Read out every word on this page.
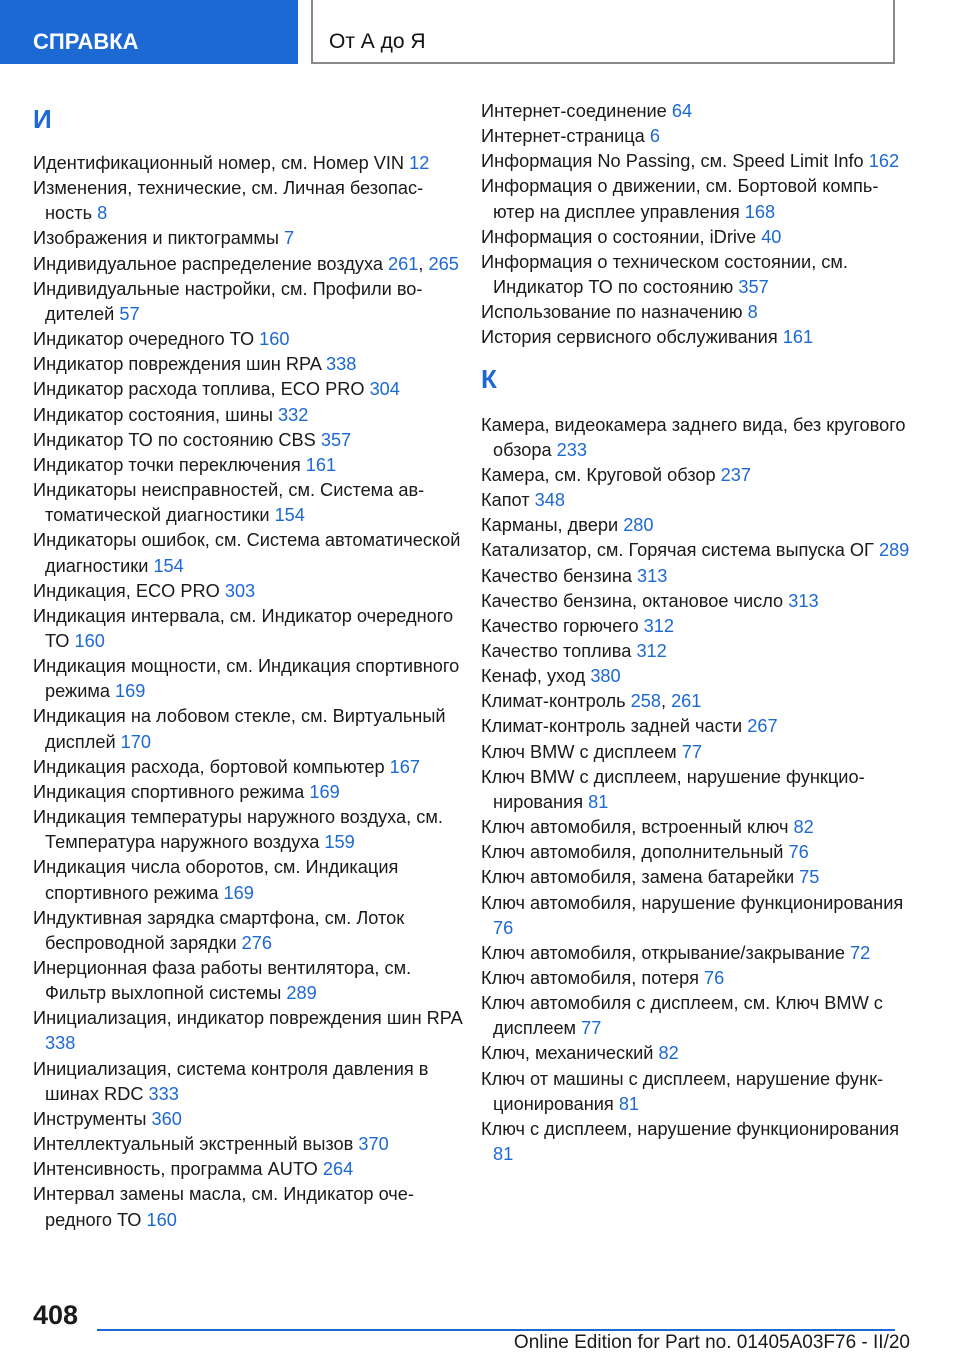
СПРАВКА	От А до Я
И
Идентификационный номер, см. Номер VIN 12
Изменения, технические, см. Личная безопасность 8
Изображения и пиктограммы 7
Индивидуальное распределение воздуха 261, 265
Индивидуальные настройки, см. Профили водителей 57
Индикатор очередного ТО 160
Индикатор повреждения шин RPA 338
Индикатор расхода топлива, ECO PRO 304
Индикатор состояния, шины 332
Индикатор ТО по состоянию CBS 357
Индикатор точки переключения 161
Индикаторы неисправностей, см. Система автоматической диагностики 154
Индикаторы ошибок, см. Система автоматической диагностики 154
Индикация, ECO PRO 303
Индикация интервала, см. Индикатор очередного ТО 160
Индикация мощности, см. Индикация спортивного режима 169
Индикация на лобовом стекле, см. Виртуальный дисплей 170
Индикация расхода, бортовой компьютер 167
Индикация спортивного режима 169
Индикация температуры наружного воздуха, см. Температура наружного воздуха 159
Индикация числа оборотов, см. Индикация спортивного режима 169
Индуктивная зарядка смартфона, см. Лоток беспроводной зарядки 276
Инерционная фаза работы вентилятора, см. Фильтр выхлопной системы 289
Инициализация, индикатор повреждения шин RPA 338
Инициализация, система контроля давления в шинах RDC 333
Инструменты 360
Интеллектуальный экстренный вызов 370
Интенсивность, программа AUTO 264
Интервал замены масла, см. Индикатор очередного ТО 160
Интернет-соединение 64
Интернет-страница 6
Информация No Passing, см. Speed Limit Info 162
Информация о движении, см. Бортовой компьютер на дисплее управления 168
Информация о состоянии, iDrive 40
Информация о техническом состоянии, см. Индикатор ТО по состоянию 357
Использование по назначению 8
История сервисного обслуживания 161
К
Камера, видеокамера заднего вида, без кругового обзора 233
Камера, см. Круговой обзор 237
Капот 348
Карманы, двери 280
Катализатор, см. Горячая система выпуска ОГ 289
Качество бензина 313
Качество бензина, октановое число 313
Качество горючего 312
Качество топлива 312
Кенаф, уход 380
Климат-контроль 258, 261
Климат-контроль задней части 267
Ключ BMW с дисплеем 77
Ключ BMW с дисплеем, нарушение функционирования 81
Ключ автомобиля, встроенный ключ 82
Ключ автомобиля, дополнительный 76
Ключ автомобиля, замена батарейки 75
Ключ автомобиля, нарушение функционирования 76
Ключ автомобиля, открывание/закрывание 72
Ключ автомобиля, потеря 76
Ключ автомобиля с дисплеем, см. Ключ BMW с дисплеем 77
Ключ, механический 82
Ключ от машины с дисплеем, нарушение функционирования 81
Ключ с дисплеем, нарушение функционирования 81
408
Online Edition for Part no. 01405A03F76 - II/20
